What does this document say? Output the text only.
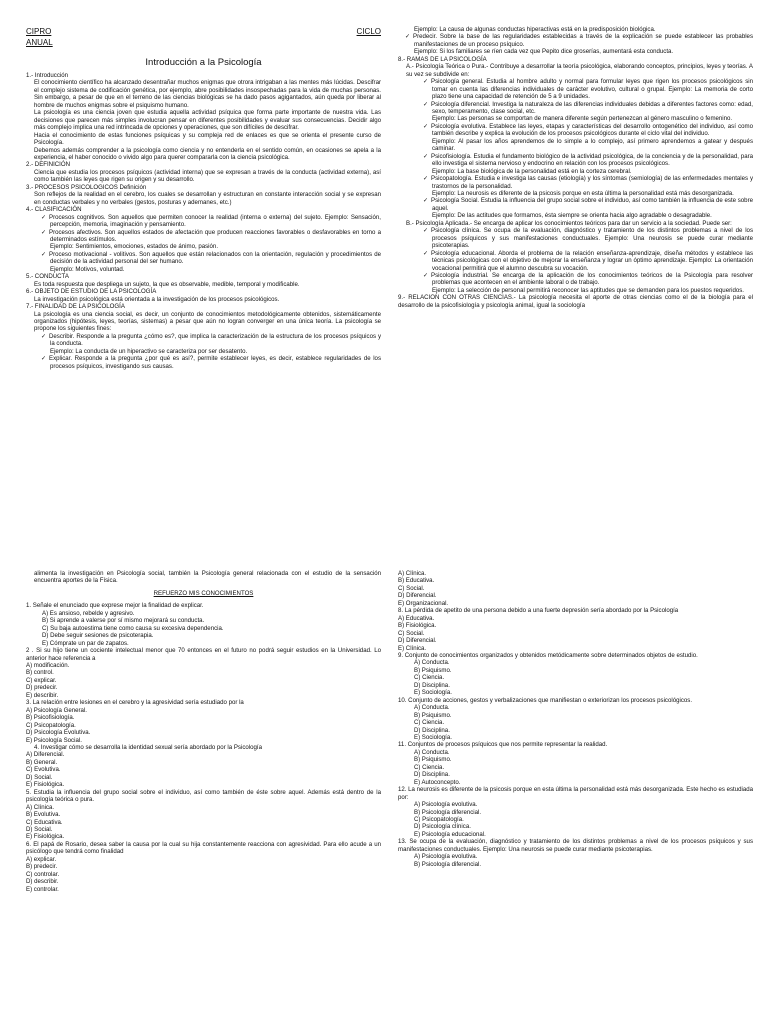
CIPRO	CICLO
ANUAL
Introducción a la Psicología
1.- Introducción
El conocimiento científico ha alcanzado desentrañar muchos enigmas que otrora intrigaban a las mentes más lúcidas. Descifrar el complejo sistema de codificación genética, por ejemplo, abre posibilidades insospechadas para la vida de muchas personas. Sin embargo, a pesar de que en el terreno de las ciencias biológicas se ha dado pasos agigantados, aún queda por liberar al hombre de muchos enigmas sobre el psiquismo humano.
La psicología es una ciencia joven que estudia aquella actividad psíquica que forma parte importante de nuestra vida. Las decisiones que parecen más simples involucran pensar en diferentes posibilidades y evaluar sus consecuencias. Decidir algo más complejo implica una red intrincada de opciones y operaciones, que son difíciles de descifrar.
Hacia el conocimiento de estas funciones psíquicas y su compleja red de enlaces es que se orienta el presente curso de Psicología.
Debemos además comprender a la psicología como ciencia y no entenderla en el sentido común, en ocasiones se apela a la experiencia, el haber conocido o vivido algo para querer compararla con la ciencia psicológica.
2.- DEFINICIÓN
Ciencia que estudia los procesos psíquicos (actividad interna) que se expresan a través de la conducta (actividad externa), así como también las leyes que rigen su origen y su desarrollo.
3.- PROCESOS PSICOLOGICOS Definición
Son reflejos de la realidad en el cerebro, los cuales se desarrollan y estructuran en constante interacción social y se expresan en conductas verbales y no verbales (gestos, posturas y ademanes, etc.)
4.- CLASIFICACIÓN
✓ Procesos cognitivos. Son aquellos que permiten conocer la realidad (interna o externa) del sujeto. Ejemplo: Sensación, percepción, memoria, imaginación y pensamiento.
✓ Procesos afectivos. Son aquellos estados de afectación que producen reacciones favorables o desfavorables en torno a determinados estímulos.
Ejemplo: Sentimientos, emociones, estados de ánimo, pasión.
✓ Proceso motivacional - volitivos. Son aquellos que están relacionados con la orientación, regulación y procedimientos de decisión de la actividad personal del ser humano.
Ejemplo: Motivos, voluntad.
5.- CONDUCTA
Es toda respuesta que despliega un sujeto, la que es observable, medible, temporal y modificable.
6.- OBJETO DE ESTUDIO DE LA PSICOLOGÍA
La investigación psicológica está orientada a la investigación de los procesos psicológicos.
7.- FINALIDAD DE LA PSICOLOGÍA
La psicología es una ciencia social, es decir, un conjunto de conocimientos metodológicamente obtenidos, sistemáticamente organizados (hipótesis, leyes, teorías, sistemas) a pesar que aún no logran converger en una única teoría. La psicología se propone los siguientes fines:
✓ Describir. Responde a la pregunta ¿cómo es?, que implica la caracterización de la estructura de los procesos psíquicos y la conducta.
Ejemplo: La conducta de un hiperactivo se caracteriza por ser desatento.
✓ Explicar. Responde a la pregunta ¿por qué es así?, permite establecer leyes, es decir, establece regularidades de los procesos psíquicos, investigando sus causas.
Ejemplo: La causa de algunas conductas hiperactivas está en la predisposición biológica.
✓ Predecir. Sobre la base de las regularidades establecidas a través de la explicación se puede establecer las probables manifestaciones de un proceso psíquico.
Ejemplo: Si los familiares se ríen cada vez que Pepito dice groserías, aumentará esta conducta.
8.- RAMAS DE LA PSICOLOGÍA
A.- Psicología Teórica o Pura.- Contribuye a desarrollar la teoría psicológica, elaborando conceptos, principios, leyes y teorías. A su vez se subdivide en:
✓ Psicología general. Estudia al hombre adulto y normal para formular leyes que rigen los procesos psicológicos sin tomar en cuenta las diferencias individuales de carácter evolutivo, cultural o grupal. Ejemplo: La memoria de corto plazo tiene una capacidad de retención de 5 a 9 unidades.
✓ Psicología diferencial. Investiga la naturaleza de las diferencias individuales debidas a diferentes factores como: edad, sexo, temperamento, clase social, etc.
Ejemplo: Las personas se comportan de manera diferente según pertenezcan al género masculino o femenino.
✓ Psicología evolutiva. Establece las leyes, etapas y características del desarrollo ontogenético del individuo, así como también describe y explica la evolución de los procesos psicológicos durante el ciclo vital del individuo.
Ejemplo: Al pasar los años aprendemos de lo simple a lo complejo, así primero aprendemos a gatear y después caminar.
✓ Psicofisiología. Estudia el fundamento biológico de la actividad psicológica, de la conciencia y de la personalidad, para ello investiga el sistema nervioso y endocrino en relación con los procesos psicológicos.
Ejemplo: La base biológica de la personalidad está en la corteza cerebral.
✓ Psicopatología. Estudia e investiga las causas (etiología) y los síntomas (semiología) de las enfermedades mentales y trastornos de la personalidad.
Ejemplo: La neurosis es diferente de la psicosis porque en esta última la personalidad está más desorganizada.
✓ Psicología Social. Estudia la influencia del grupo social sobre el individuo, así como también la influencia de este sobre aquel.
Ejemplo: De las actitudes que formamos, ésta siempre se orienta hacia algo agradable o desagradable.
B.- Psicología Aplicada.- Se encarga de aplicar los conocimientos teóricos para dar un servicio a la sociedad. Puede ser:
✓ Psicología clínica. Se ocupa de la evaluación, diagnóstico y tratamiento de los distintos problemas a nivel de los procesos psíquicos y sus manifestaciones conductuales. Ejemplo: Una neurosis se puede curar mediante psicoterapias.
✓ Psicología educacional. Aborda el problema de la relación enseñanza-aprendizaje, diseña métodos y establece las técnicas psicológicas con el objetivo de mejorar la enseñanza y lograr un óptimo aprendizaje. Ejemplo: La orientación vocacional permitirá que el alumno descubra su vocación.
✓ Psicología industrial. Se encarga de la aplicación de los conocimientos teóricos de la Psicología para resolver problemas que acontecen en el ambiente laboral o de trabajo.
Ejemplo: La selección de personal permitirá reconocer las aptitudes que se demanden para los puestos requeridos.
9.- RELACION CON OTRAS CIENCIAS.- La psicología necesita el aporte de otras ciencias como el de la biología para el desarrollo de la psicofisiología y psicología animal, igual la sociología
alimenta la investigación en Psicología social, también la Psicología general relacionada con el estudio de la sensación encuentra aportes de la Física.
REFUERZO MIS CONOCIMIENTOS
1. Señale el enunciado que exprese mejor la finalidad de explicar.
A) Es ansioso, rebelde y agresivo.
B) Si aprende a valerse por sí mismo mejorará su conducta.
C) Su baja autoestima tiene como causa su excesiva dependencia.
D) Debe seguir sesiones de psicoterapia.
E) Cómprate un par de zapatos.
2 . Si su hijo tiene un cociente intelectual menor que 70 entonces en el futuro no podrá seguir estudios en la Universidad. Lo anterior hace referencia a
A) modificación.
B) control.
C) explicar.
D) predecir.
E) describir.
3. La relación entre lesiones en el cerebro y la agresividad sería estudiado por la
A) Psicología General.
B) Psicofisiología.
C) Psicopatología.
D) Psicología Evolutiva.
E) Psicología Social.
4. Investigar cómo se desarrolla la identidad sexual sería abordado por la Psicología
A) Diferencial.
B) General.
C) Evolutiva.
D) Social.
E) Fisiológica.
5. Estudia la influencia del grupo social sobre el individuo, así como también de éste sobre aquel. Además está dentro de la psicología teórica o pura.
A) Clínica.
B) Evolutiva.
C) Educativa.
D) Social.
E) Fisiológica.
6. El papá de Rosario, desea saber la causa por la cual su hija constantemente reacciona con agresividad. Para ello acude a un psicólogo que tendrá como finalidad
A) explicar.
B) predecir.
C) controlar.
D) describir.
E) controlar.
A) Clínica.
B) Educativa.
C) Social.
D) Diferencial.
E) Organizacional.
8. La pérdida de apetito de una persona debido a una fuerte depresión sería abordado por la Psicología
A) Educativa.
B) Fisiológica.
C) Social.
D) Diferencial.
E) Clínica.
9. Conjunto de conocimientos organizados y obtenidos metódicamente sobre determinados objetos de estudio.
A) Conducta.
B) Psiquismo.
C) Ciencia.
D) Disciplina.
E) Sociología.
10. Conjunto de acciones, gestos y verbalizaciones que manifiestan o exteriorizan los procesos psicológicos.
A) Conducta.
B) Psiquismo.
C) Ciencia.
D) Disciplina.
E) Sociología.
11. Conjuntos de procesos psíquicos que nos permite representar la realidad.
A) Conducta.
B) Psiquismo.
C) Ciencia.
D) Disciplina.
E) Autoconcepto.
12. La neurosis es diferente de la psicosis porque en esta última la personalidad está más desorganizada. Este hecho es estudiada por:
A) Psicología evolutiva.
B) Psicología diferencial.
C) Psicopatología.
D) Psicología clínica.
E) Psicología educacional.
13. Se ocupa de la evaluación, diagnóstico y tratamiento de los distintos problemas a nivel de los procesos psíquicos y sus manifestaciones conductuales. Ejemplo: Una neurosis se puede curar mediante psicoterapias.
A) Psicología evolutiva.
B) Psicología diferencial.
